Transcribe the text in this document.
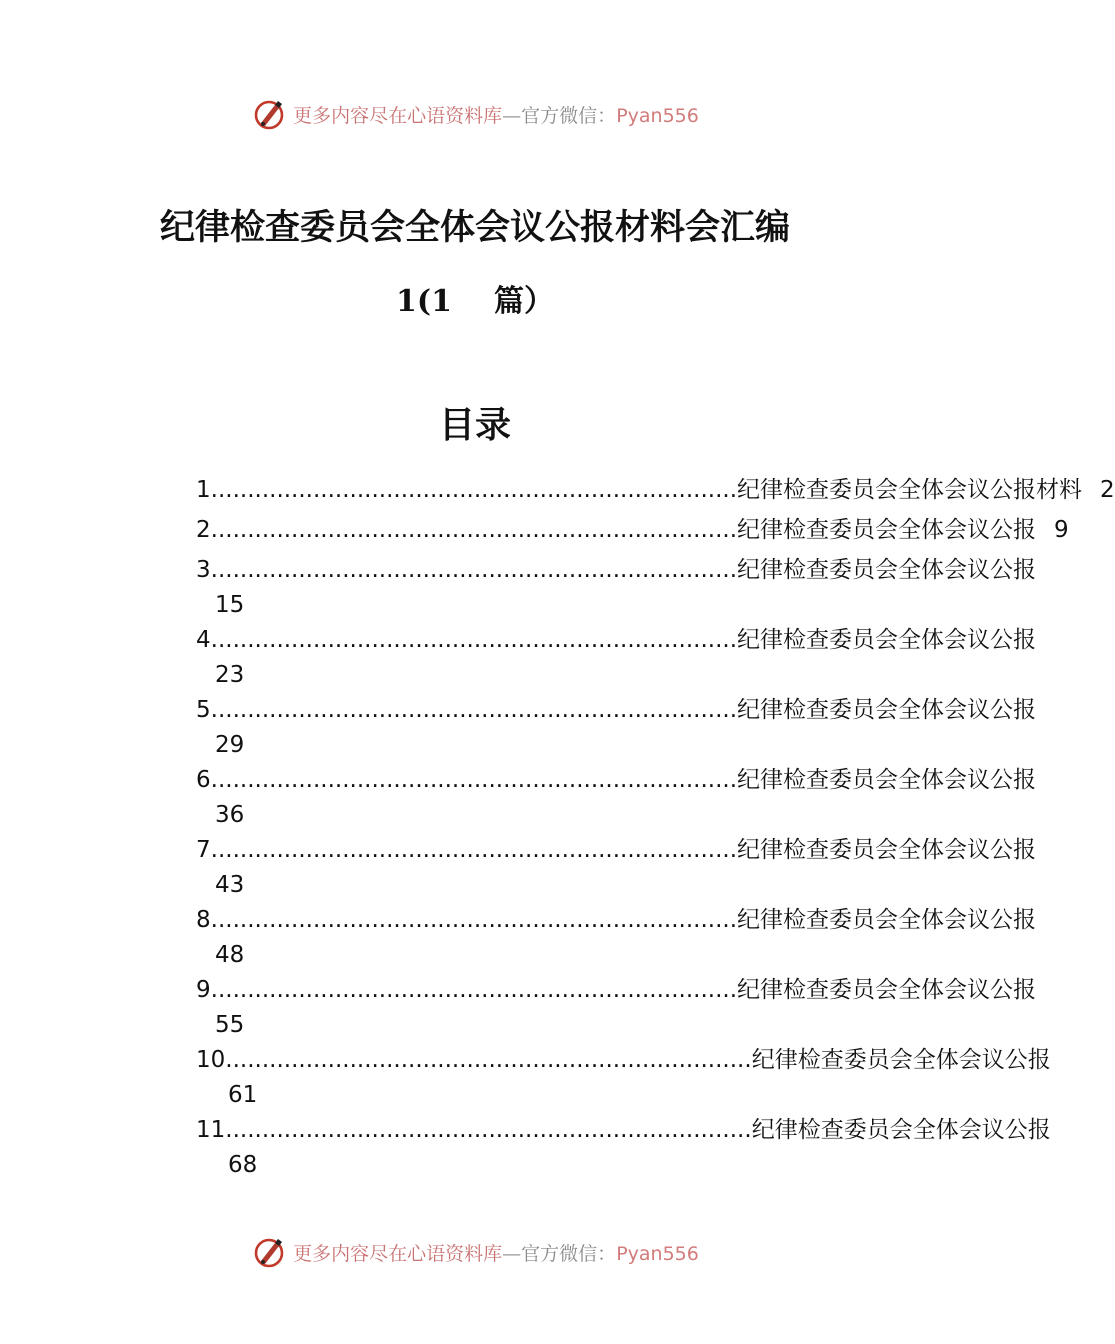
更多内容尽在心语资料库—官方微信：Pyan556
纪律检查委员会全体会议公报材料会汇编
1(1 篇）
目录
1 ........................................................................ 纪律检查委员会全体会议公报材料 2
2 ........................................................................ 纪律检查委员会全体会议公报 9
3 ........................................................................ 纪律检查委员会全体会议公报
15
4 ........................................................................ 纪律检查委员会全体会议公报
23
5 ........................................................................ 纪律检查委员会全体会议公报
29
6 ........................................................................ 纪律检查委员会全体会议公报
36
7 ........................................................................ 纪律检查委员会全体会议公报
43
8 ........................................................................ 纪律检查委员会全体会议公报
48
9 ........................................................................ 纪律检查委员会全体会议公报
55
10 ........................................................................ 纪律检查委员会全体会议公报
61
11 ........................................................................ 纪律检查委员会全体会议公报
68
更多内容尽在心语资料库—官方微信：Pyan556
